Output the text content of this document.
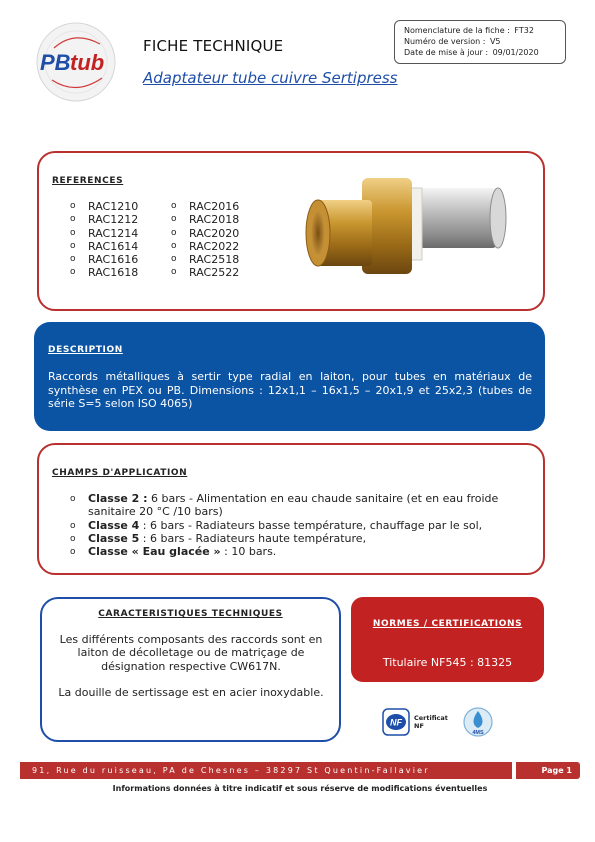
PB tub
FICHE TECHNIQUE
Adaptateur tube cuivre Sertipress
Nomenclature de la fiche : FT32
Numéro de version : V5
Date de mise à jour : 09/01/2020
REFERENCES
o RAC1210
o RAC1212
o RAC1214
o RAC1614
o RAC1616
o RAC1618
o RAC2016
o RAC2018
o RAC2020
o RAC2022
o RAC2518
o RAC2522
DESCRIPTION
Raccords métalliques à sertir type radial en laiton, pour tubes en matériaux de synthèse en PEX ou PB. Dimensions : 12x1,1 – 16x1,5 – 20x1,9 et 25x2,3 (tubes de série S=5 selon ISO 4065)
CHAMPS D'APPLICATION
o Classe 2 : 6 bars - Alimentation en eau chaude sanitaire (et en eau froide sanitaire 20 °C /10 bars)
o Classe 4 : 6 bars - Radiateurs basse température, chauffage par le sol,
o Classe 5 : 6 bars - Radiateurs haute température,
o Classe « Eau glacée » : 10 bars.
CARACTERISTIQUES TECHNIQUES

Les différents composants des raccords sont en laiton de décolletage ou de matriçage de désignation respective CW617N.

La douille de sertissage est en acier inoxydable.

NORMES / CERTIFICATIONS
Titulaire NF545 : 81325
NF Certificat
NF
4MS
91, Rue du ruisseau, PA de Chesnes – 38297 St Quentin-Fallavier	Page 1
Informations données à titre indicatif et sous réserve de modifications éventuelles
